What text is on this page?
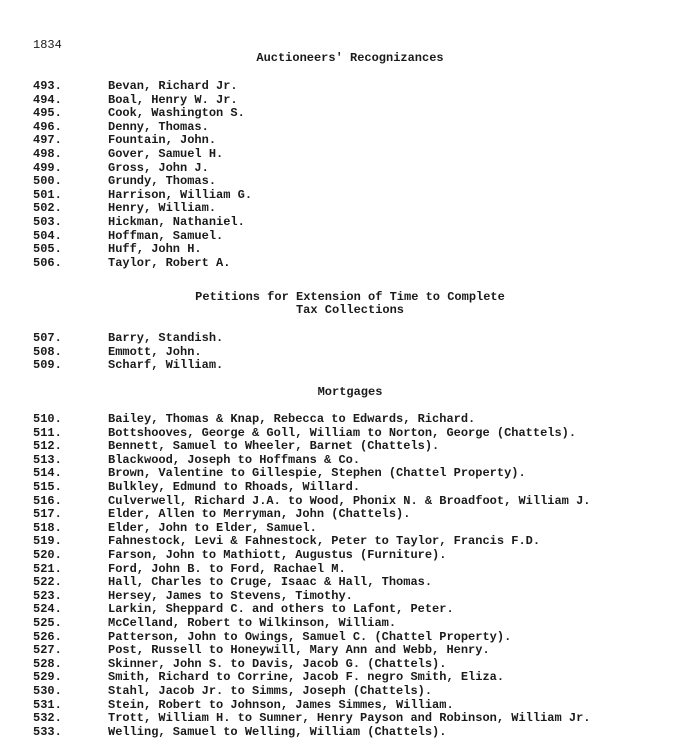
1834
Auctioneers' Recognizances
493.	Bevan, Richard Jr.
494.	Boal, Henry W. Jr.
495.	Cook, Washington S.
496.	Denny, Thomas.
497.	Fountain, John.
498.	Gover, Samuel H.
499.	Gross, John J.
500.	Grundy, Thomas.
501.	Harrison, William G.
502.	Henry, William.
503.	Hickman, Nathaniel.
504.	Hoffman, Samuel.
505.	Huff, John H.
506.	Taylor, Robert A.
Petitions for Extension of Time to Complete
Tax Collections
507.	Barry, Standish.
508.	Emmott, John.
509.	Scharf, William.
Mortgages
510.	Bailey, Thomas & Knap, Rebecca to Edwards, Richard.
511.	Bottshooves, George & Goll, William to Norton, George (Chattels).
512.	Bennett, Samuel to Wheeler, Barnet (Chattels).
513.	Blackwood, Joseph to Hoffmans & Co.
514.	Brown, Valentine to Gillespie, Stephen (Chattel Property).
515.	Bulkley, Edmund to Rhoads, Willard.
516.	Culverwell, Richard J.A. to Wood, Phonix N. & Broadfoot, William J.
517.	Elder, Allen to Merryman, John (Chattels).
518.	Elder, John to Elder, Samuel.
519.	Fahnestock, Levi & Fahnestock, Peter to Taylor, Francis F.D.
520.	Farson, John to Mathiott, Augustus (Furniture).
521.	Ford, John B. to Ford, Rachael M.
522.	Hall, Charles to Cruge, Isaac & Hall, Thomas.
523.	Hersey, James to Stevens, Timothy.
524.	Larkin, Sheppard C. and others to Lafont, Peter.
525.	McCelland, Robert to Wilkinson, William.
526.	Patterson, John to Owings, Samuel C. (Chattel Property).
527.	Post, Russell to Honeywill, Mary Ann and Webb, Henry.
528.	Skinner, John S. to Davis, Jacob G. (Chattels).
529.	Smith, Richard to Corrine, Jacob F. negro Smith, Eliza.
530.	Stahl, Jacob Jr. to Simms, Joseph (Chattels).
531.	Stein, Robert to Johnson, James Simmes, William.
532.	Trott, William H. to Sumner, Henry Payson and Robinson, William Jr.
533.	Welling, Samuel to Welling, William (Chattels).
